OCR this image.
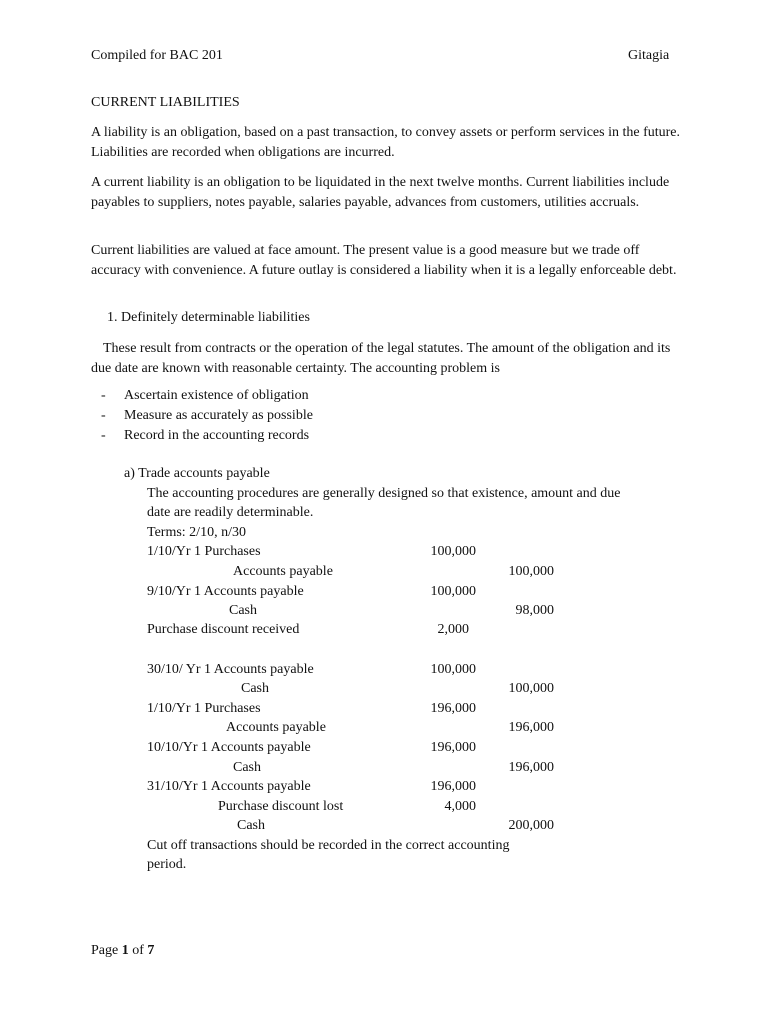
Compiled for BAC 201	Gitagia
CURRENT LIABILITIES

A liability is an obligation, based on a past transaction, to convey assets or perform services in the future. Liabilities are recorded when obligations are incurred.

A current liability is an obligation to be liquidated in the next twelve months. Current liabilities include payables to suppliers, notes payable, salaries payable, advances from customers, utilities accruals.

Current liabilities are valued at face amount. The present value is a good measure but we trade off accuracy with convenience. A future outlay is considered a liability when it is a legally enforceable debt.

1. Definitely determinable liabilities

These result from contracts or the operation of the legal statutes. The amount of the obligation and its due date are known with reasonable certainty. The accounting problem is

- Ascertain existence of obligation
- Measure as accurately as possible
- Record in the accounting records
a) Trade accounts payable
The accounting procedures are generally designed so that existence, amount and due
date are readily determinable.
Terms: 2/10, n/30
1/10/Yr 1 Purchases	100,000
Accounts payable	100,000
9/10/Yr 1 Accounts payable	100,000
Cash	98,000
Purchase discount received	2,000
30/10/ Yr 1 Accounts payable	100,000
Cash	100,000
1/10/Yr 1 Purchases	196,000
Accounts payable	196,000
10/10/Yr 1 Accounts payable	196,000
Cash	196,000
31/10/Yr 1 Accounts payable	196,000
Purchase discount lost	4,000
Cash	200,000
Cut off transactions should be recorded in the correct accounting
period.
Page 1 of 7
